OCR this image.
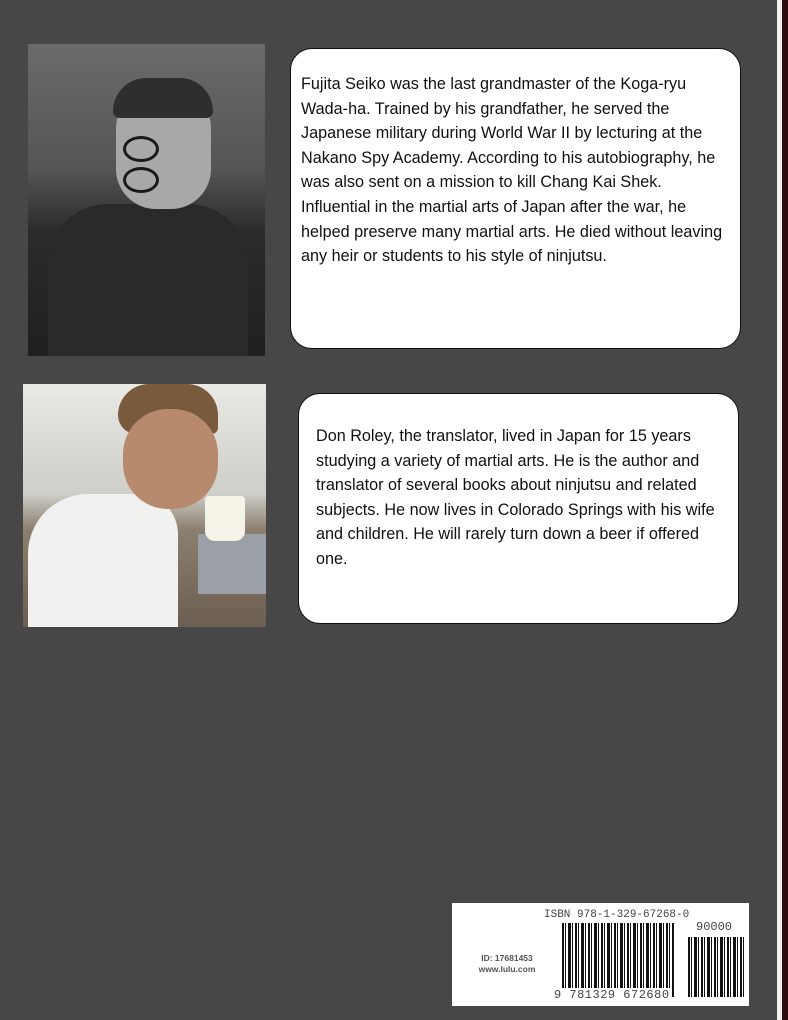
Fujita Seiko was the last grandmaster of the Koga-ryu Wada-ha. Trained by his grandfather, he served the Japanese military during World War II by lecturing at the Nakano Spy Academy. According to his autobiography, he was also sent on a mission to kill Chang Kai Shek. Influential in the martial arts of Japan after the war, he helped preserve many martial arts. He died without leaving any heir or students to his style of ninjutsu.
Don Roley, the translator, lived in Japan for 15 years studying a variety of martial arts. He is the author and translator of several books about ninjutsu and related subjects. He now lives in Colorado Springs with his wife and children. He will rarely turn down a beer if offered one.
ID: 17681453
www.lulu.com
ISBN 978-1-329-67268-0
90000
9 781329 672680
